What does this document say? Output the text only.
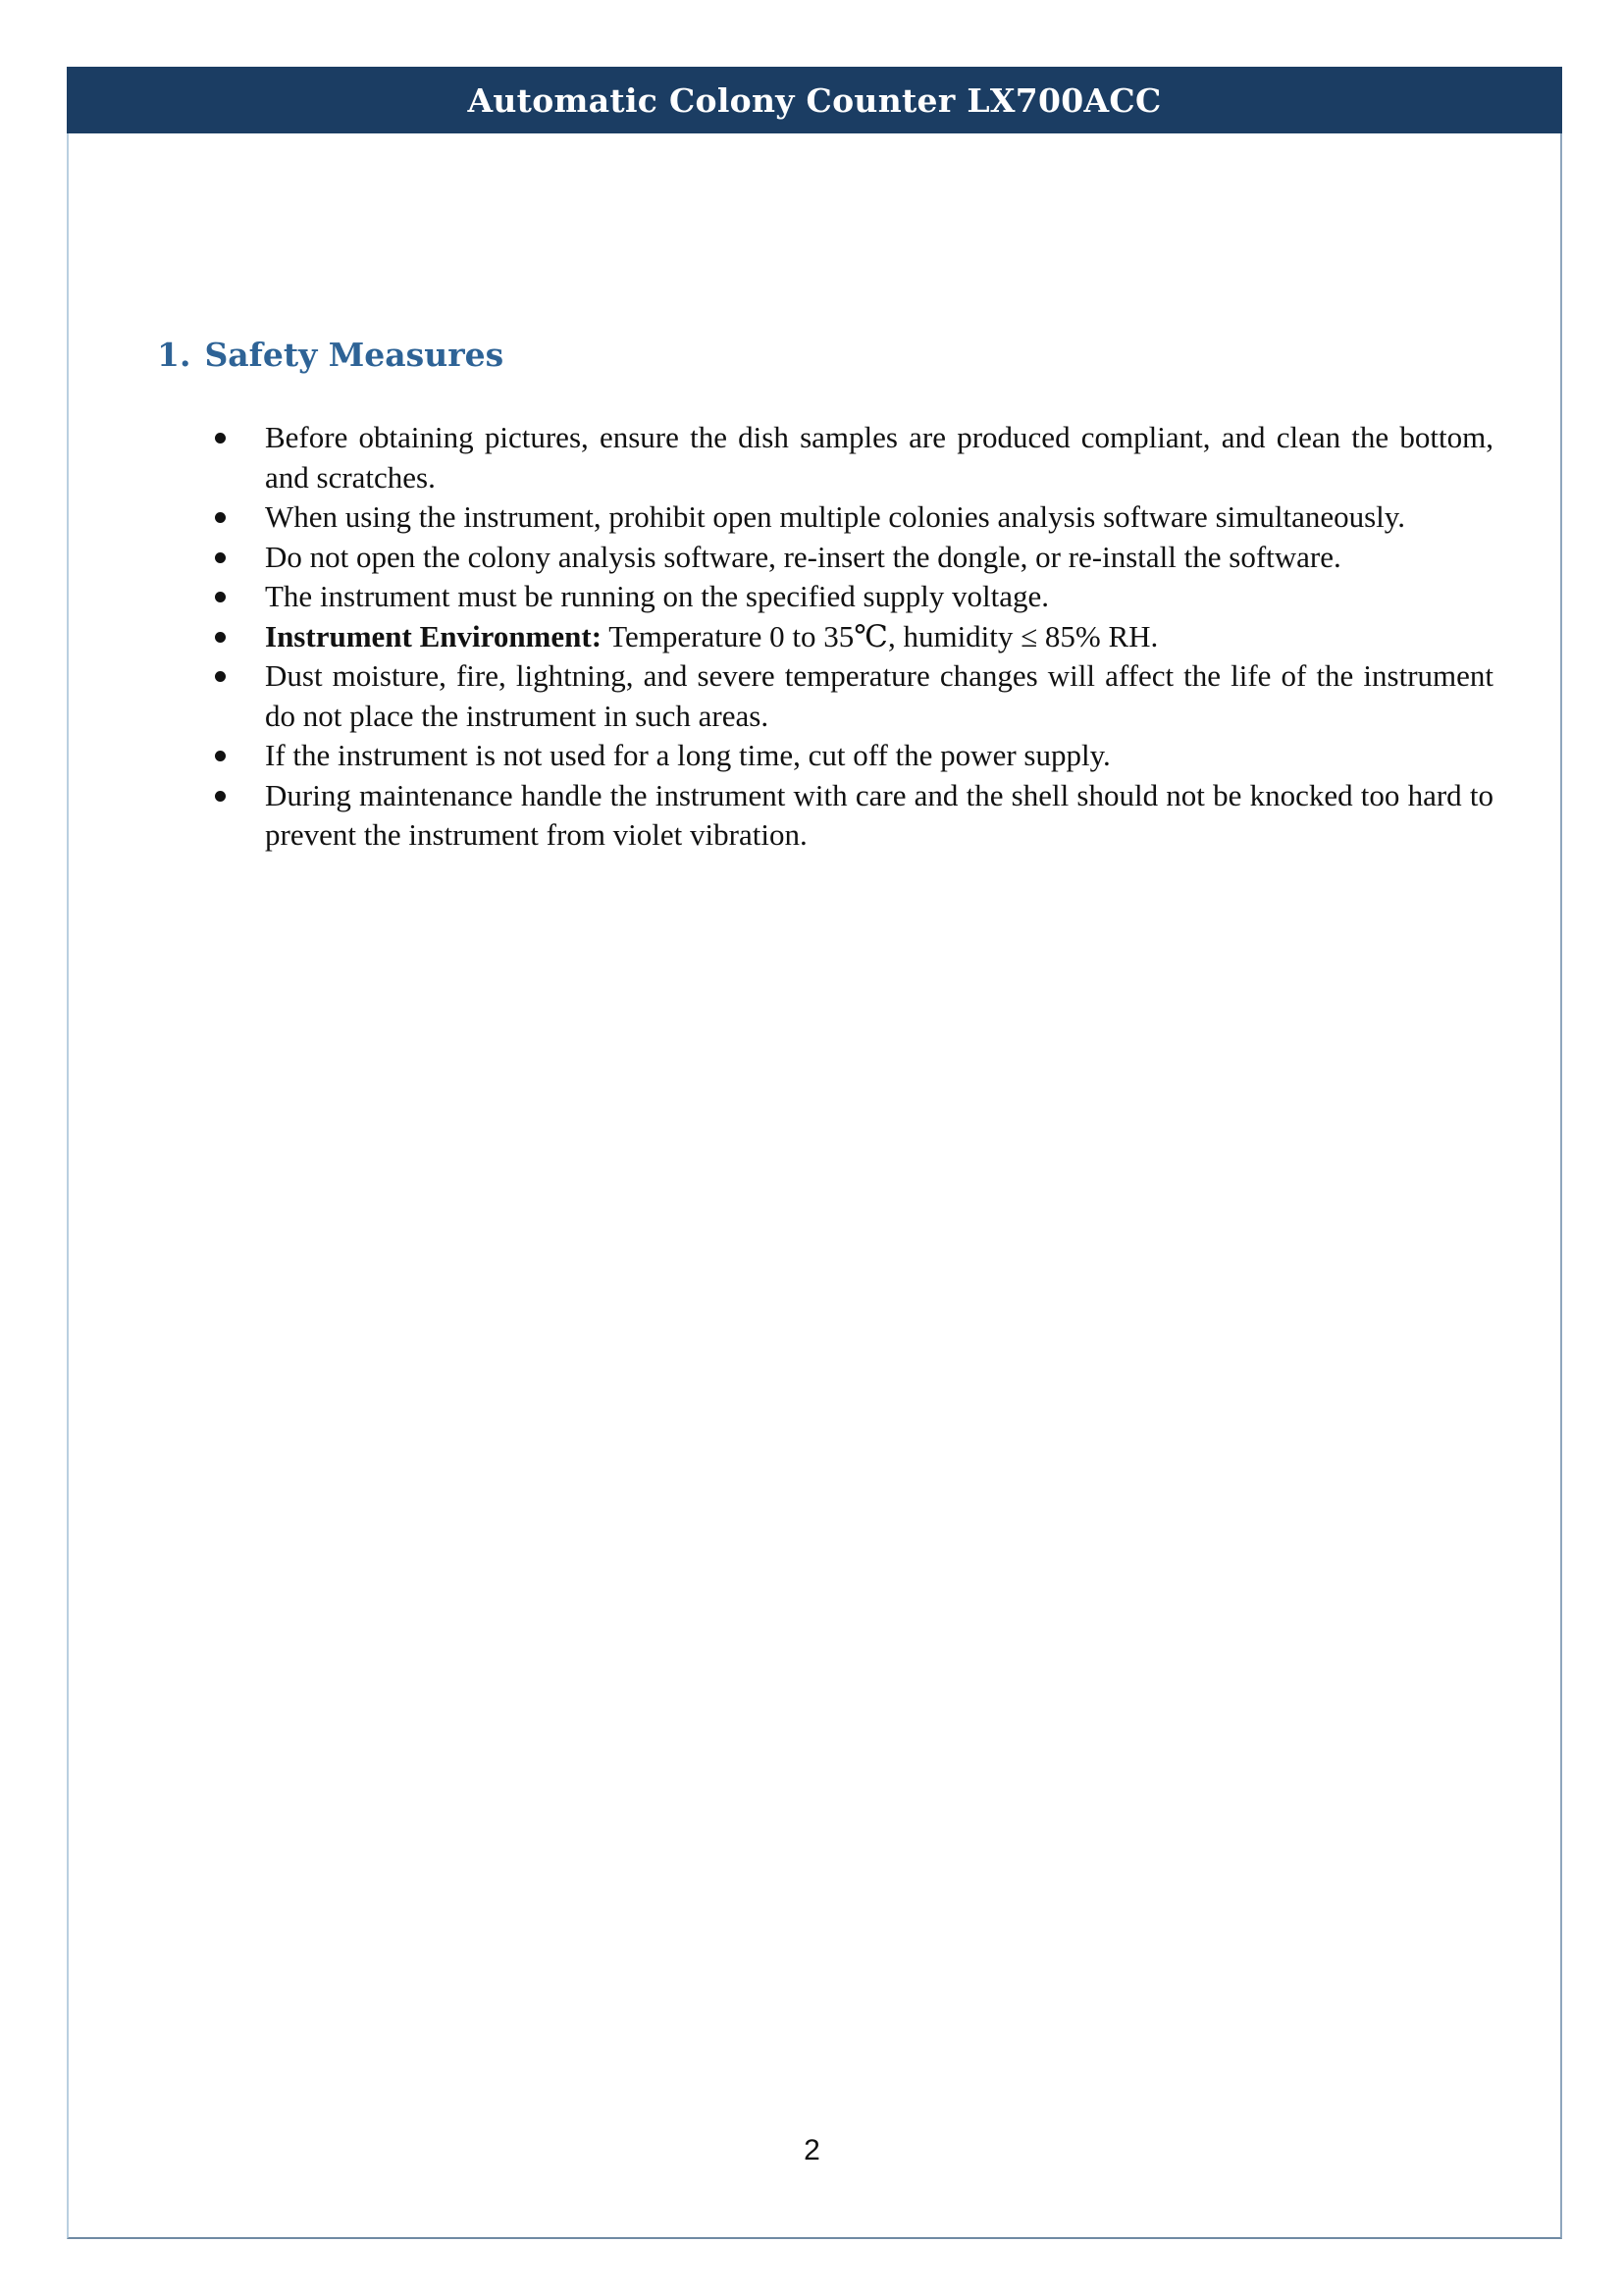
Automatic Colony Counter LX700ACC
1. Safety Measures
Before obtaining pictures, ensure the dish samples are produced compliant, and clean the bottom, and scratches.
When using the instrument, prohibit open multiple colonies analysis software simultaneously.
Do not open the colony analysis software, re-insert the dongle, or re-install the software.
The instrument must be running on the specified supply voltage.
Instrument Environment: Temperature 0 to 35℃, humidity ≤ 85% RH.
Dust moisture, fire, lightning, and severe temperature changes will affect the life of the instrument do not place the instrument in such areas.
If the instrument is not used for a long time, cut off the power supply.
During maintenance handle the instrument with care and the shell should not be knocked too hard to prevent the instrument from violet vibration.
2
